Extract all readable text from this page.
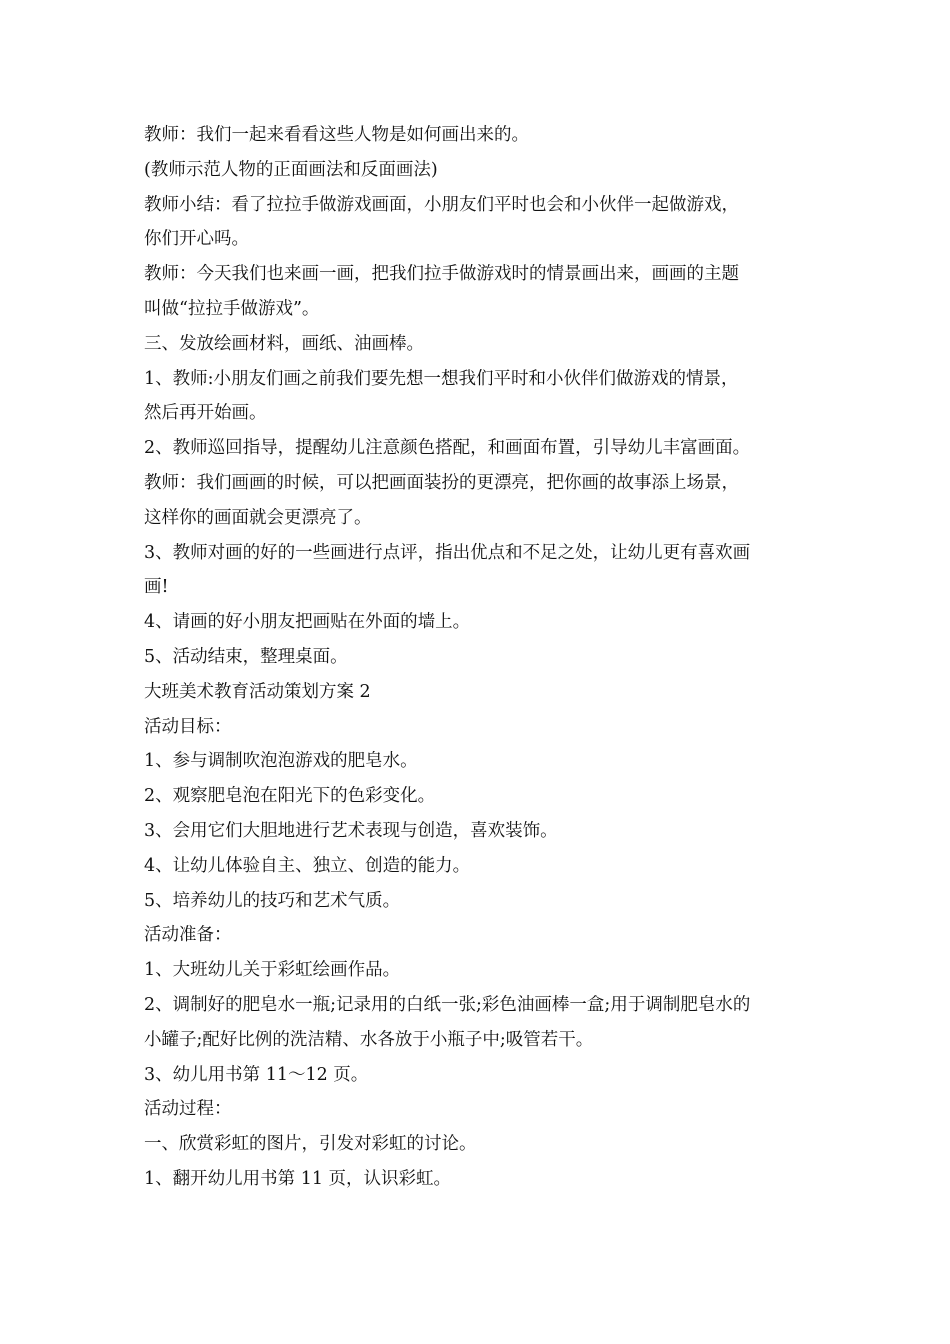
教师：我们一起来看看这些人物是如何画出来的。
(教师示范人物的正面画法和反面画法)
教师小结：看了拉拉手做游戏画面，小朋友们平时也会和小伙伴一起做游戏，
你们开心吗。
教师：今天我们也来画一画，把我们拉手做游戏时的情景画出来，画画的主题
叫做“拉拉手做游戏”。
三、发放绘画材料，画纸、油画棒。
1、教师:小朋友们画之前我们要先想一想我们平时和小伙伴们做游戏的情景，
然后再开始画。
2、教师巡回指导，提醒幼儿注意颜色搭配，和画面布置，引导幼儿丰富画面。
教师：我们画画的时候，可以把画面装扮的更漂亮，把你画的故事添上场景，
这样你的画面就会更漂亮了。
3、教师对画的好的一些画进行点评，指出优点和不足之处，让幼儿更有喜欢画
画!
4、请画的好小朋友把画贴在外面的墙上。
5、活动结束，整理桌面。
大班美术教育活动策划方案 2
活动目标：
1、参与调制吹泡泡游戏的肥皂水。
2、观察肥皂泡在阳光下的色彩变化。
3、会用它们大胆地进行艺术表现与创造，喜欢装饰。
4、让幼儿体验自主、独立、创造的能力。
5、培养幼儿的技巧和艺术气质。
活动准备：
1、大班幼儿关于彩虹绘画作品。
2、调制好的肥皂水一瓶;记录用的白纸一张;彩色油画棒一盒;用于调制肥皂水的
小罐子;配好比例的洗洁精、水各放于小瓶子中;吸管若干。
3、幼儿用书第 11～12 页。
活动过程：
一、欣赏彩虹的图片，引发对彩虹的讨论。
1、翻开幼儿用书第 11 页，认识彩虹。
